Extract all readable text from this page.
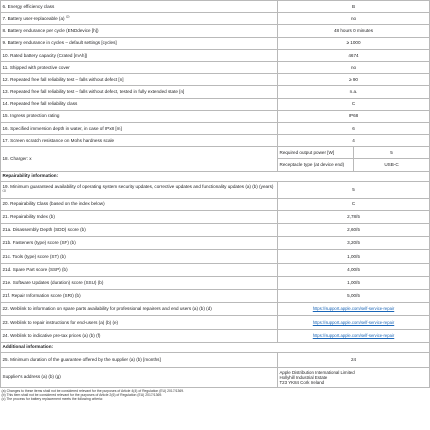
6. Energy efficiency class	B	
7. Battery user-replaceable (a) $^{(2)}$	no	
8. Battery endurance per cycle (ENDdevice [h])	48 hours 0 minutes	
9. Battery endurance in cycles – default settings [cycles]	≥ 1000	
10. Rated battery capacity (Crated [mAh])	4674	
11. Shipped with protective cover	no	
12. Repeated free fall reliability test – falls without defect [n]	≥ 90	
13. Repeated free fall reliability test – falls without defect, tested in fully extended state [n]	n.a.	
14. Repeated free fall reliability class	C	
15. Ingress protection rating	IP68	
16. Specified immersion depth in water, in case of IPx8 [m]	6	
17. Screen scratch resistance on Mohs hardness scale	4	
18. Charger: x	Required output power [W]	5
	Receptacle type (at device end)	USB-C
Repairability information:		
19. Minimum guaranteed availability of operating system security updates, corrective updates and functionality updates (a) (b) (years) $^{(1)}$	5	
20. Repairability Class (based on the index below)	C	
21. Repairability Index (b)	2,78/5	
21a. Disassembly Depth (SDD) score (b)	2,60/5	
21b. Fasteners (type) score (SF) (b)	3,20/5	
21c. Tools (type) score (ST) (b)	1,00/5	
21d. Spare Part score (SSP) (b)	4,00/5	
21e. Software Updates (duration) score (SSU) (b)	1,00/5	
21f. Repair Information score (SRI) (b)	5,00/5	
22. Weblink to information on spare parts availability for professional repairers and end users (a) (b) (d)	https://support.apple.com/self-service-repair	
23. Weblink to repair instructions for end-users (a) (b) (e)	https://support.apple.com/self-service-repair	
24. Weblink to indicative pre-tax prices (a) (b) (f)	https://support.apple.com/self-service-repair	
Additional information:		
25. Minimum duration of the guarantee offered by the supplier (a) (b) [months]	24	
Supplier's address (a) (b) (g)	Apple Distribution International Limited
Hollyhill Industrial Estate
T23 YK84 Cork Ireland	
(a) Changes to these items shall not be considered relevant for the purposes of Article 4(4) of Regulation (EU) 2017/1369.
(b) This item shall not be considered relevant for the purposes of Article 2(6) of Regulation (EU) 2017/1369.
(c) The process for battery replacement meets the following criteria:
